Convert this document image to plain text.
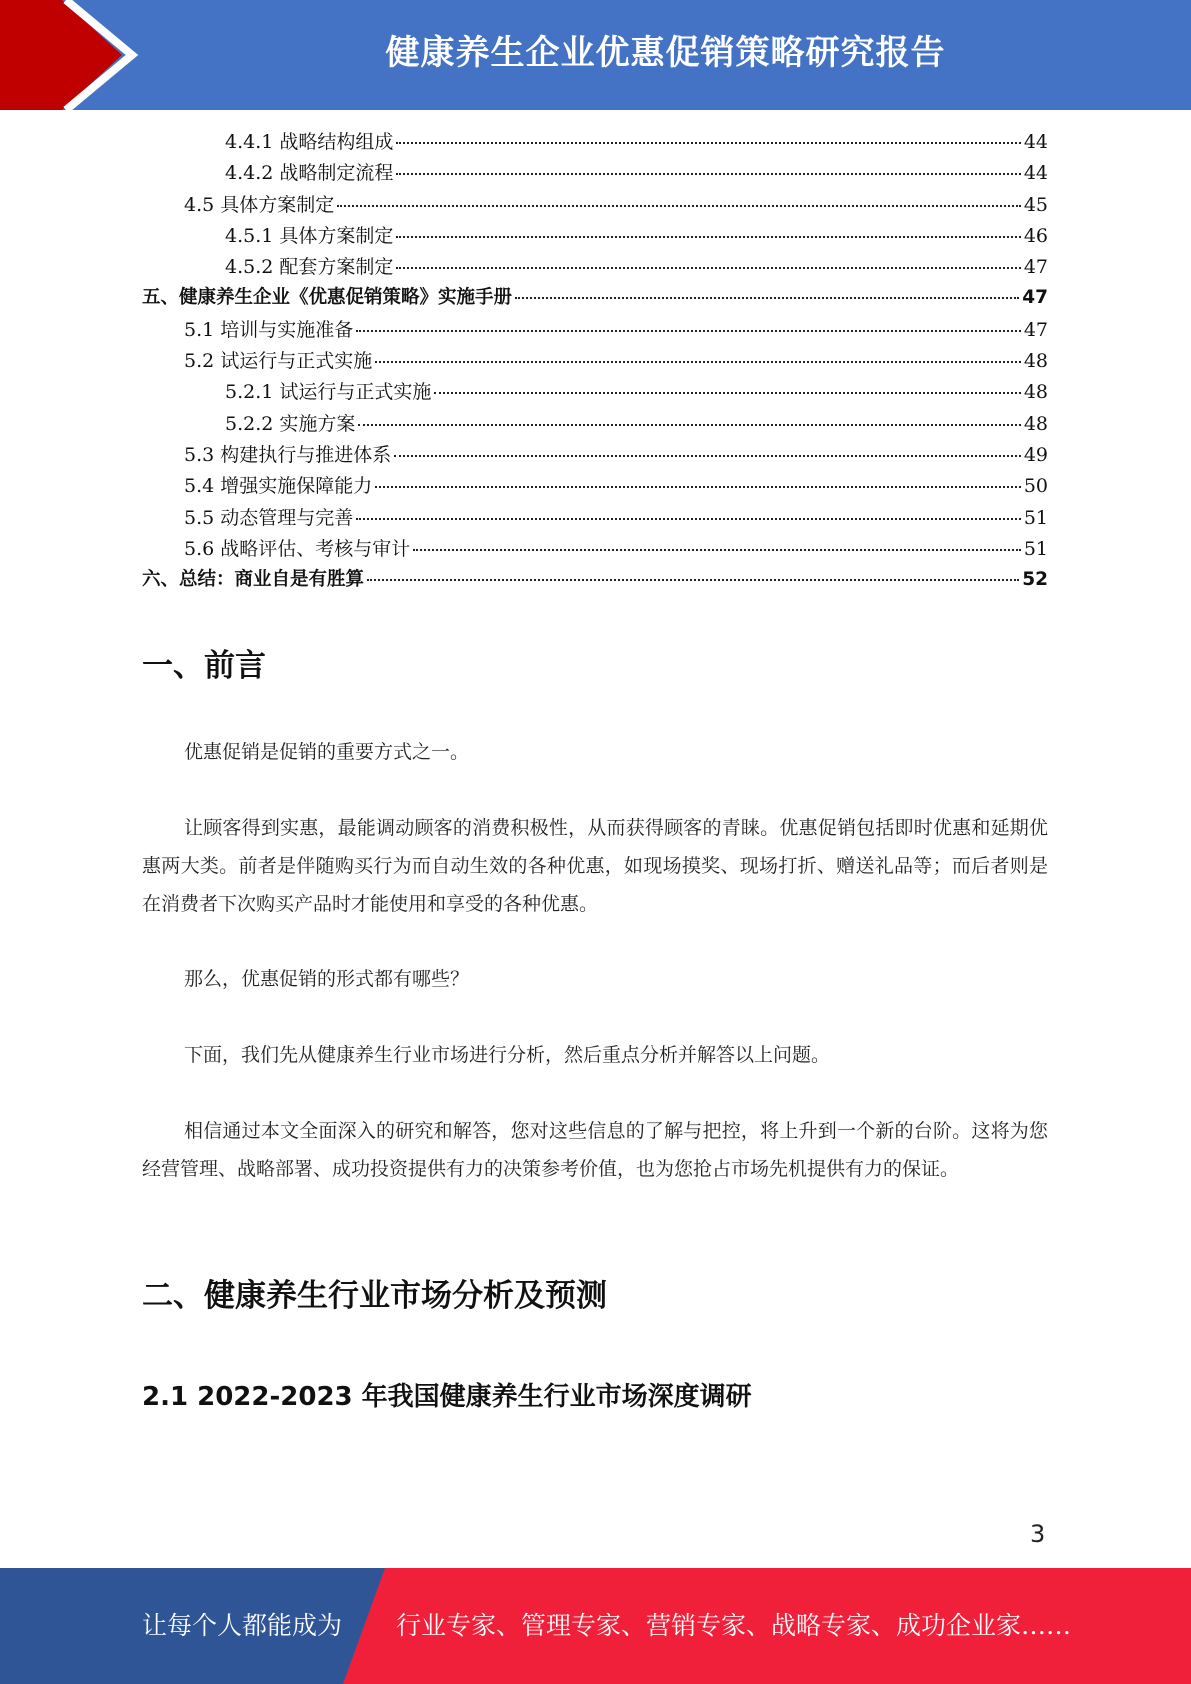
健康养生企业优惠促销策略研究报告
4.4.1 战略结构组成	44
4.4.2 战略制定流程	44
4.5 具体方案制定	45
4.5.1 具体方案制定	46
4.5.2 配套方案制定	47
五、健康养生企业《优惠促销策略》实施手册	47
5.1 培训与实施准备	47
5.2 试运行与正式实施	48
5.2.1 试运行与正式实施	48
5.2.2 实施方案	48
5.3 构建执行与推进体系	49
5.4 增强实施保障能力	50
5.5 动态管理与完善	51
5.6 战略评估、考核与审计	51
六、总结：商业自是有胜算	52
一、前言

优惠促销是促销的重要方式之一。

让顾客得到实惠，最能调动顾客的消费积极性，从而获得顾客的青睐。优惠促销包括即时优惠和延期优惠两大类。前者是伴随购买行为而自动生效的各种优惠，如现场摸奖、现场打折、赠送礼品等；而后者则是在消费者下次购买产品时才能使用和享受的各种优惠。

那么，优惠促销的形式都有哪些？

下面，我们先从健康养生行业市场进行分析，然后重点分析并解答以上问题。

相信通过本文全面深入的研究和解答，您对这些信息的了解与把控，将上升到一个新的台阶。这将为您经营管理、战略部署、成功投资提供有力的决策参考价值，也为您抢占市场先机提供有力的保证。

二、健康养生行业市场分析及预测
2.1 2022-2023 年我国健康养生行业市场深度调研
3
让每个人都能成为 行业专家、管理专家、营销专家、战略专家、成功企业家……
